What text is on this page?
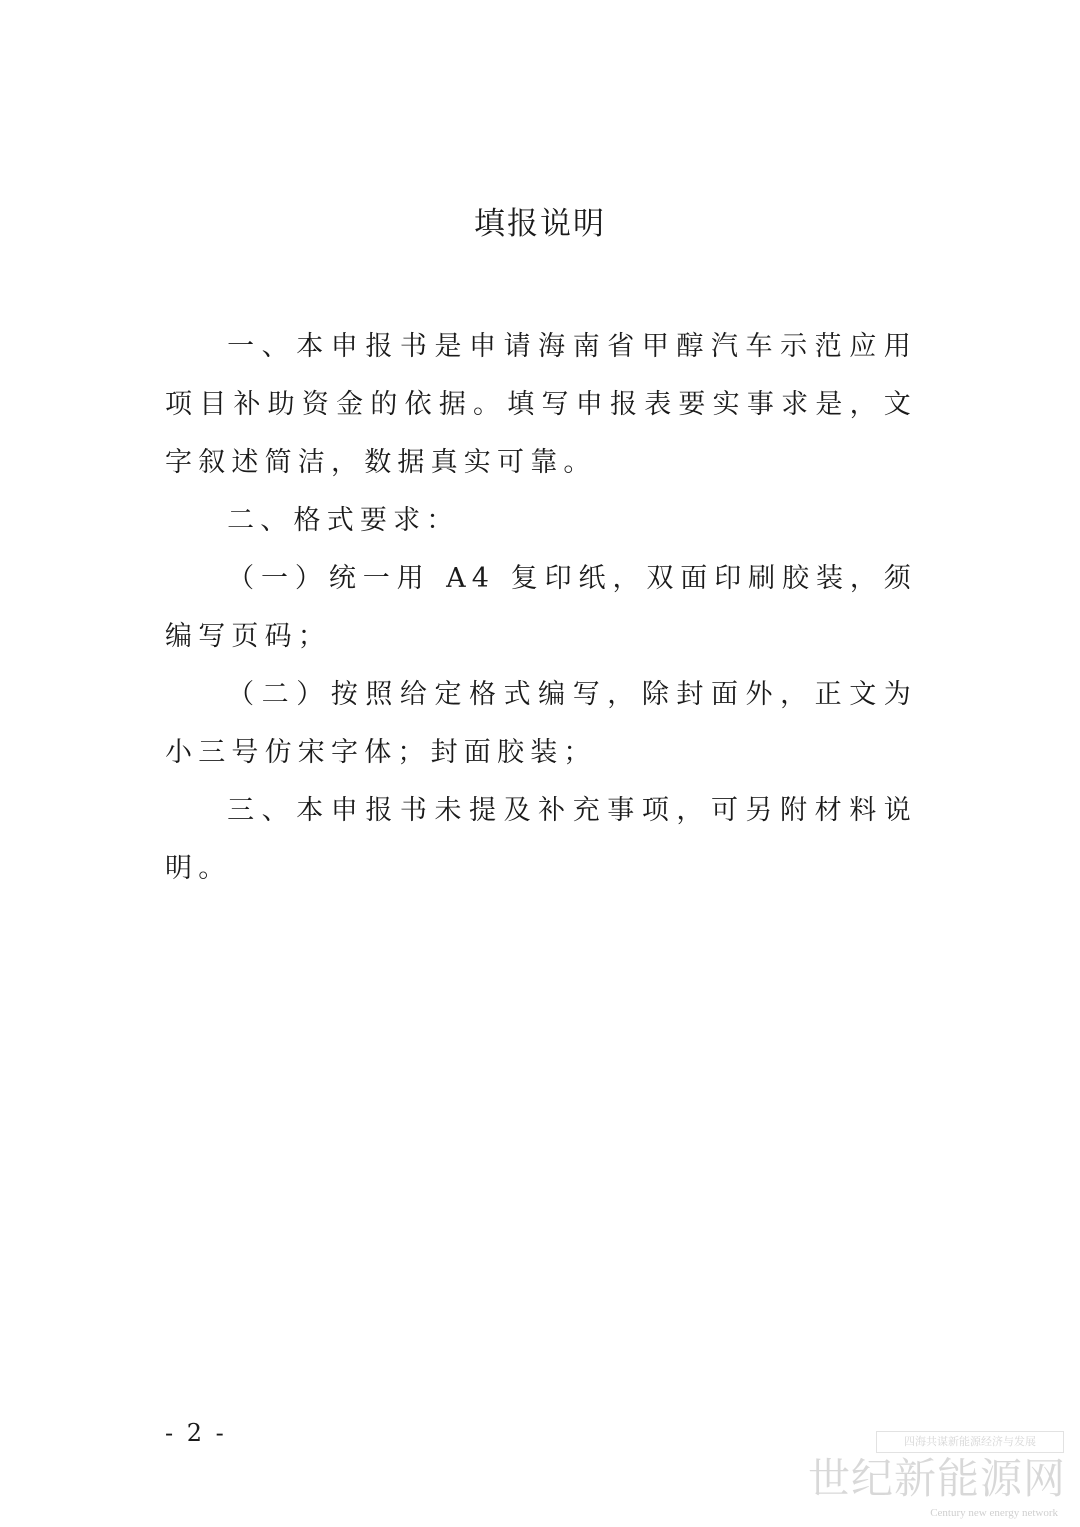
填报说明

一、本申报书是申请海南省甲醇汽车示范应用项目补助资金的依据。填写申报表要实事求是，文字叙述简洁，数据真实可靠。

二、格式要求：

（一）统一用 A4 复印纸，双面印刷胶装，须编写页码；

（二）按照给定格式编写，除封面外，正文为小三号仿宋字体；封面胶装；

三、本申报书未提及补充事项，可另附材料说明。

- 2 -	四海共谋新能源经济与发展
世纪新能源网
Century new energy network
